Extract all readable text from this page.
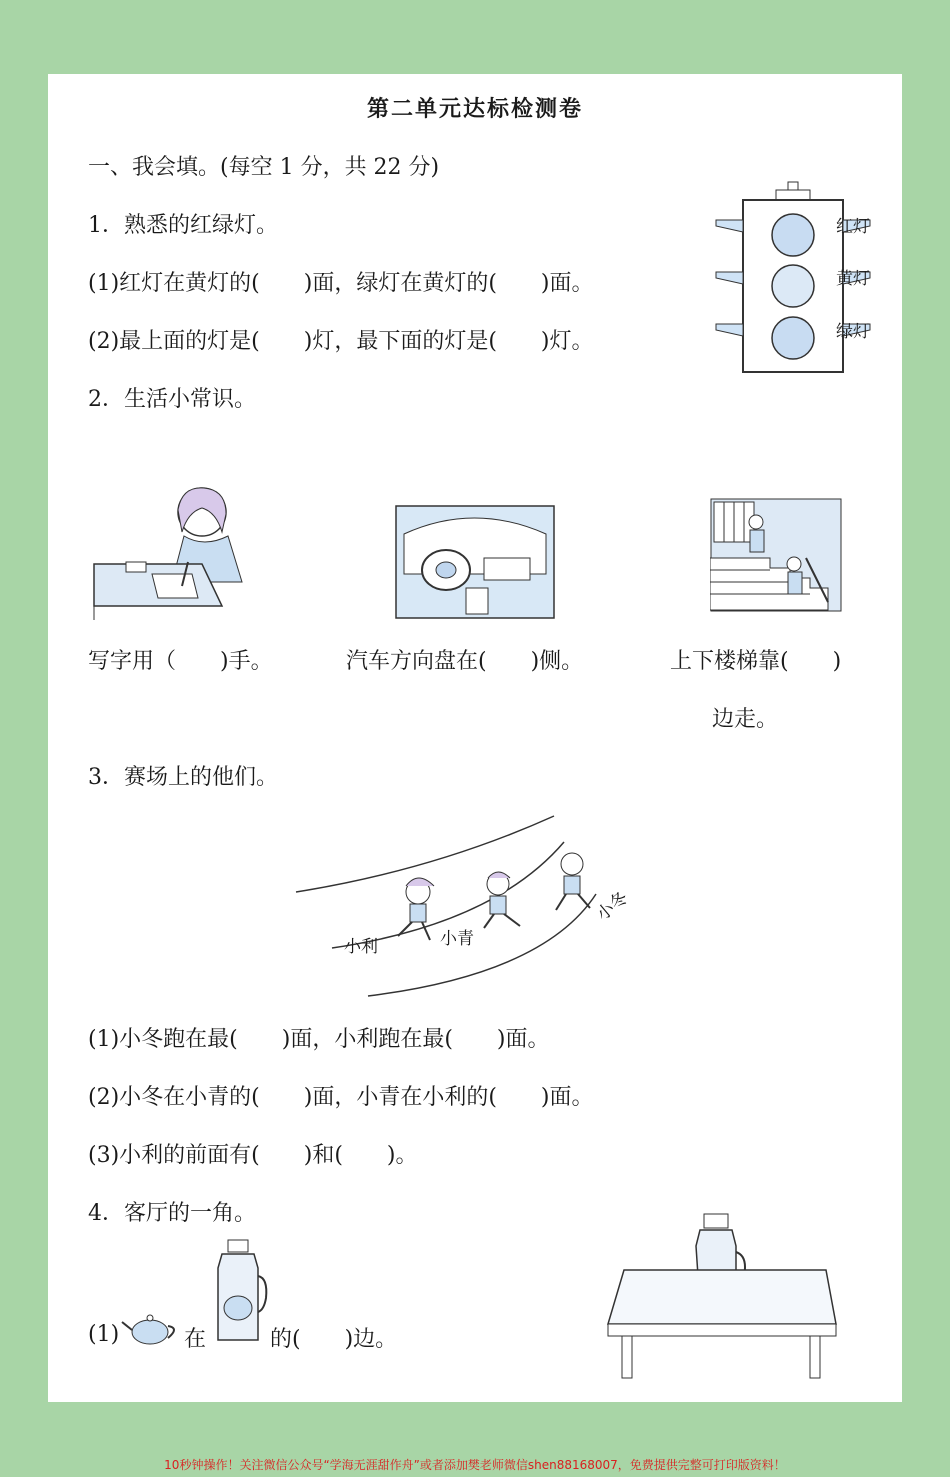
第二单元达标检测卷
一、我会填。(每空 1 分，共 22 分)
1．熟悉的红绿灯。
(1)红灯在黄灯的(　　)面，绿灯在黄灯的(　　)面。
(2)最上面的灯是(　　)灯，最下面的灯是(　　)灯。
红灯
黄灯
绿灯
2．生活小常识。
写字用（　　)手。	汽车方向盘在(　　)侧。	上下楼梯靠(　　)
边走。
3．赛场上的他们。
小利	小青
小冬
(1)小冬跑在最(　　)面，小利跑在最(　　)面。
(2)小冬在小青的(　　)面，小青在小利的(　　)面。
(3)小利的前面有(　　)和(　　)。
4．客厅的一角。
(1)	在	的(　　)边。
10秒钟操作！关注微信公众号“学海无涯甜作舟”或者添加樊老师微信shen88168007，免费提供完整可打印版资料！
